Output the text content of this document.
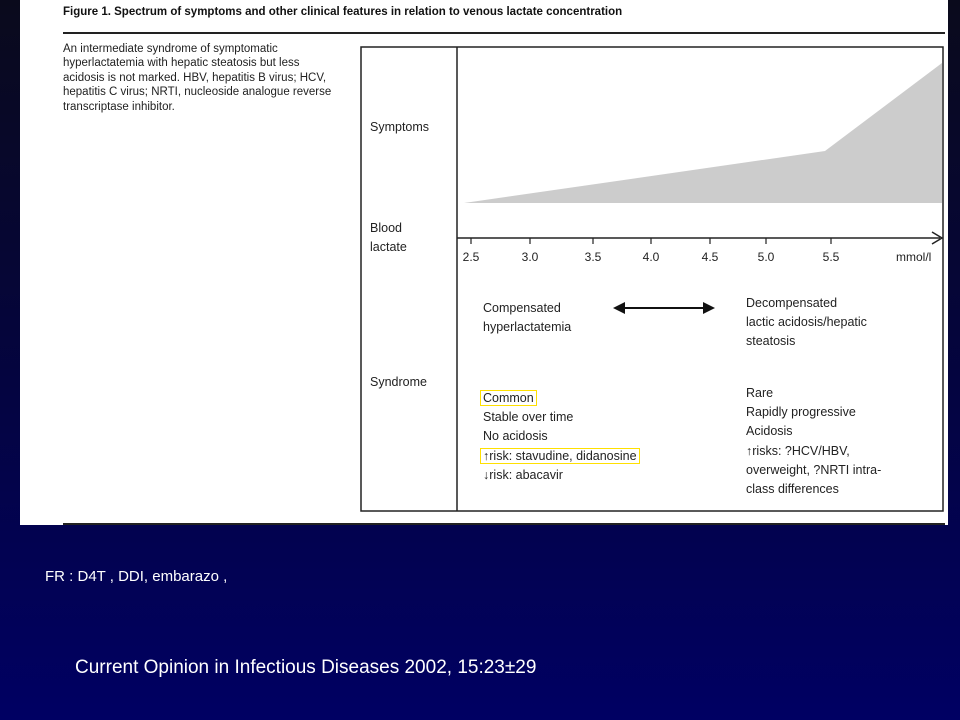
Figure 1. Spectrum of symptoms and other clinical features in relation to venous lactate concentration
An intermediate syndrome of symptomatic hyperlactatemia with hepatic steatosis but less acidosis is not marked. HBV, hepatitis B virus; HCV, hepatitis C virus; NRTI, nucleoside analogue reverse transcriptase inhibitor.
Symptoms
Blood
lactate
Syndrome
2.5	3.0	3.5	4.0	4.5	5.0	5.5	mmol/l
Compensated
hyperlactatemia
Common
Stable over time
No acidosis
↑risk: stavudine, didanosine
↓risk: abacavir
Decompensated
lactic acidosis/hepatic
steatosis
Rare
Rapidly progressive
Acidosis
↑risks: ?HCV/HBV,
overweight, ?NRTI intra-
class differences
FR : D4T , DDI, embarazo ,
Current Opinion in Infectious Diseases 2002, 15:23±29
